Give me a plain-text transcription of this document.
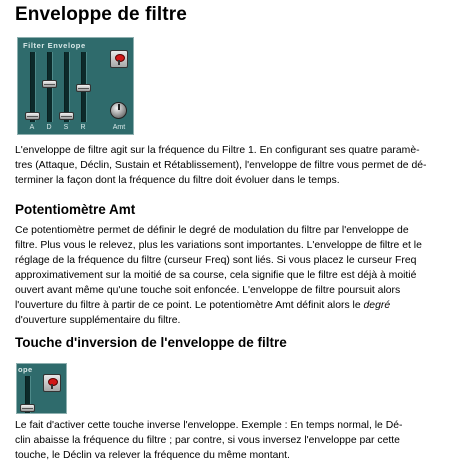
Enveloppe de filtre
Filter Envelope
A	D	S	R	Amt
L'enveloppe de filtre agit sur la fréquence du Filtre 1. En configurant ses quatre paramè-
tres (Attaque, Déclin, Sustain et Rétablissement), l'enveloppe de filtre vous permet de dé-
terminer la façon dont la fréquence du filtre doit évoluer dans le temps.
Potentiomètre Amt
Ce potentiomètre permet de définir le degré de modulation du filtre par l'enveloppe de
filtre. Plus vous le relevez, plus les variations sont importantes. L'enveloppe de filtre et le
réglage de la fréquence du filtre (curseur Freq) sont liés. Si vous placez le curseur Freq
approximativement sur la moitié de sa course, cela signifie que le filtre est déjà à moitié
ouvert avant même qu'une touche soit enfoncée. L'enveloppe de filtre poursuit alors
l'ouverture du filtre à partir de ce point. Le potentiomètre Amt définit alors le degré
d'ouverture supplémentaire du filtre.
Touche d'inversion de l'enveloppe de filtre
ope
Le fait d'activer cette touche inverse l'enveloppe. Exemple : En temps normal, le Dé-
clin abaisse la fréquence du filtre ; par contre, si vous inversez l'enveloppe par cette
touche, le Déclin va relever la fréquence du même montant.
